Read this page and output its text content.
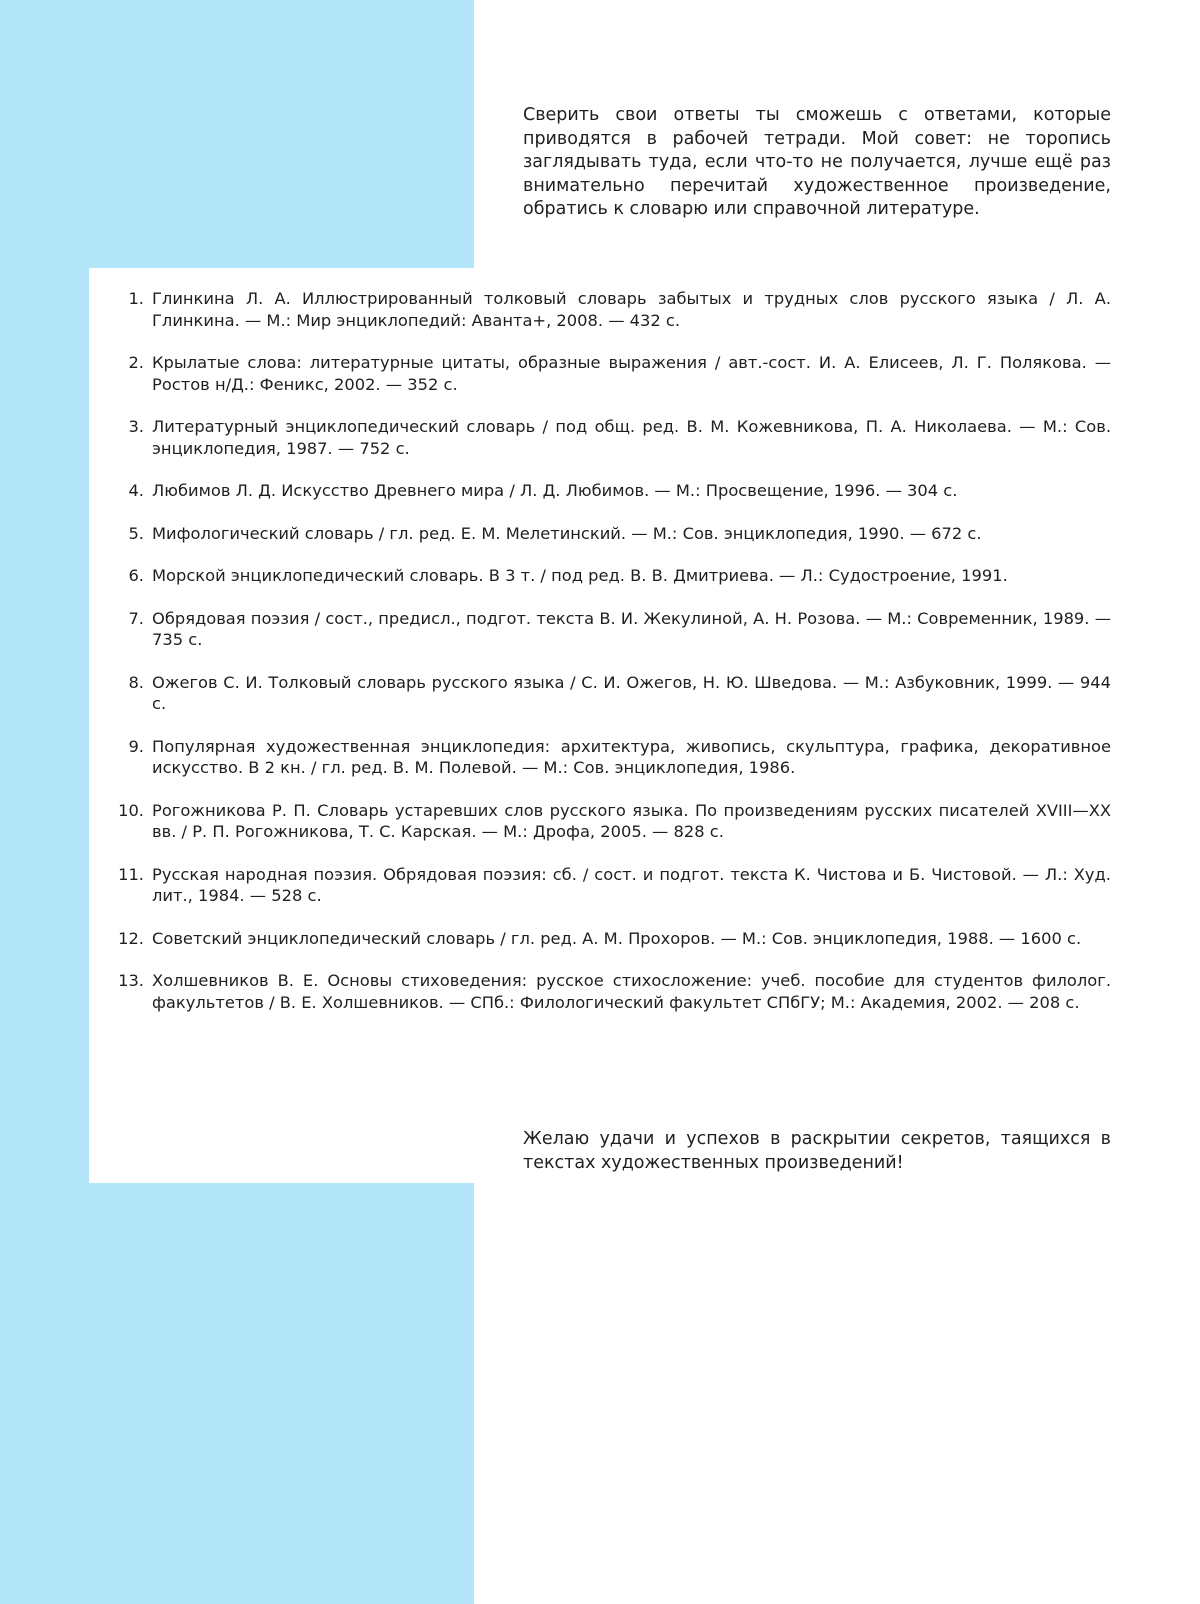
Сверить свои ответы ты сможешь с ответами, которые приводятся в рабочей тетради. Мой совет: не торопись заглядывать туда, если что-то не получается, лучше ещё раз внимательно перечитай художественное произведение, обратись к словарю или справочной литературе.

1. Глинкина Л. А. Иллюстрированный толковый словарь забытых и трудных слов русского языка / Л. А. Глинкина. — М.: Мир энциклопедий: Аванта+, 2008. — 432 с.
2. Крылатые слова: литературные цитаты, образные выражения / авт.-сост. И. А. Елисеев, Л. Г. Полякова. — Ростов н/Д.: Феникс, 2002. — 352 с.
3. Литературный энциклопедический словарь / под общ. ред. В. М. Кожевникова, П. А. Николаева. — М.: Сов. энциклопедия, 1987. — 752 с.
4. Любимов Л. Д. Искусство Древнего мира / Л. Д. Любимов. — М.: Просвещение, 1996. — 304 с.
5. Мифологический словарь / гл. ред. Е. М. Мелетинский. — М.: Сов. энциклопедия, 1990. — 672 с.
6. Морской энциклопедический словарь. В 3 т. / под ред. В. В. Дмитриева. — Л.: Судостроение, 1991.
7. Обрядовая поэзия / сост., предисл., подгот. текста В. И. Жекулиной, А. Н. Розова. — М.: Современник, 1989. — 735 с.
8. Ожегов С. И. Толковый словарь русского языка / С. И. Ожегов, Н. Ю. Шведова. — М.: Азбуковник, 1999. — 944 с.
9. Популярная художественная энциклопедия: архитектура, живопись, скульптура, графика, декоративное искусство. В 2 кн. / гл. ред. В. М. Полевой. — М.: Сов. энциклопедия, 1986.
10. Рогожникова Р. П. Словарь устаревших слов русского языка. По произведениям русских писателей XVIII—XX вв. / Р. П. Рогожникова, Т. С. Карская. — М.: Дрофа, 2005. — 828 с.
11. Русская народная поэзия. Обрядовая поэзия: сб. / сост. и подгот. текста К. Чистова и Б. Чистовой. — Л.: Худ. лит., 1984. — 528 с.
12. Советский энциклопедический словарь / гл. ред. А. М. Прохоров. — М.: Сов. энциклопедия, 1988. — 1600 с.
13. Холшевников В. Е. Основы стиховедения: русское стихосложение: учеб. пособие для студентов филолог. факультетов / В. Е. Холшевников. — СПб.: Филологический факультет СПбГУ; М.: Академия, 2002. — 208 с.

Желаю удачи и успехов в раскрытии секретов, таящихся в текстах художественных произведений!
